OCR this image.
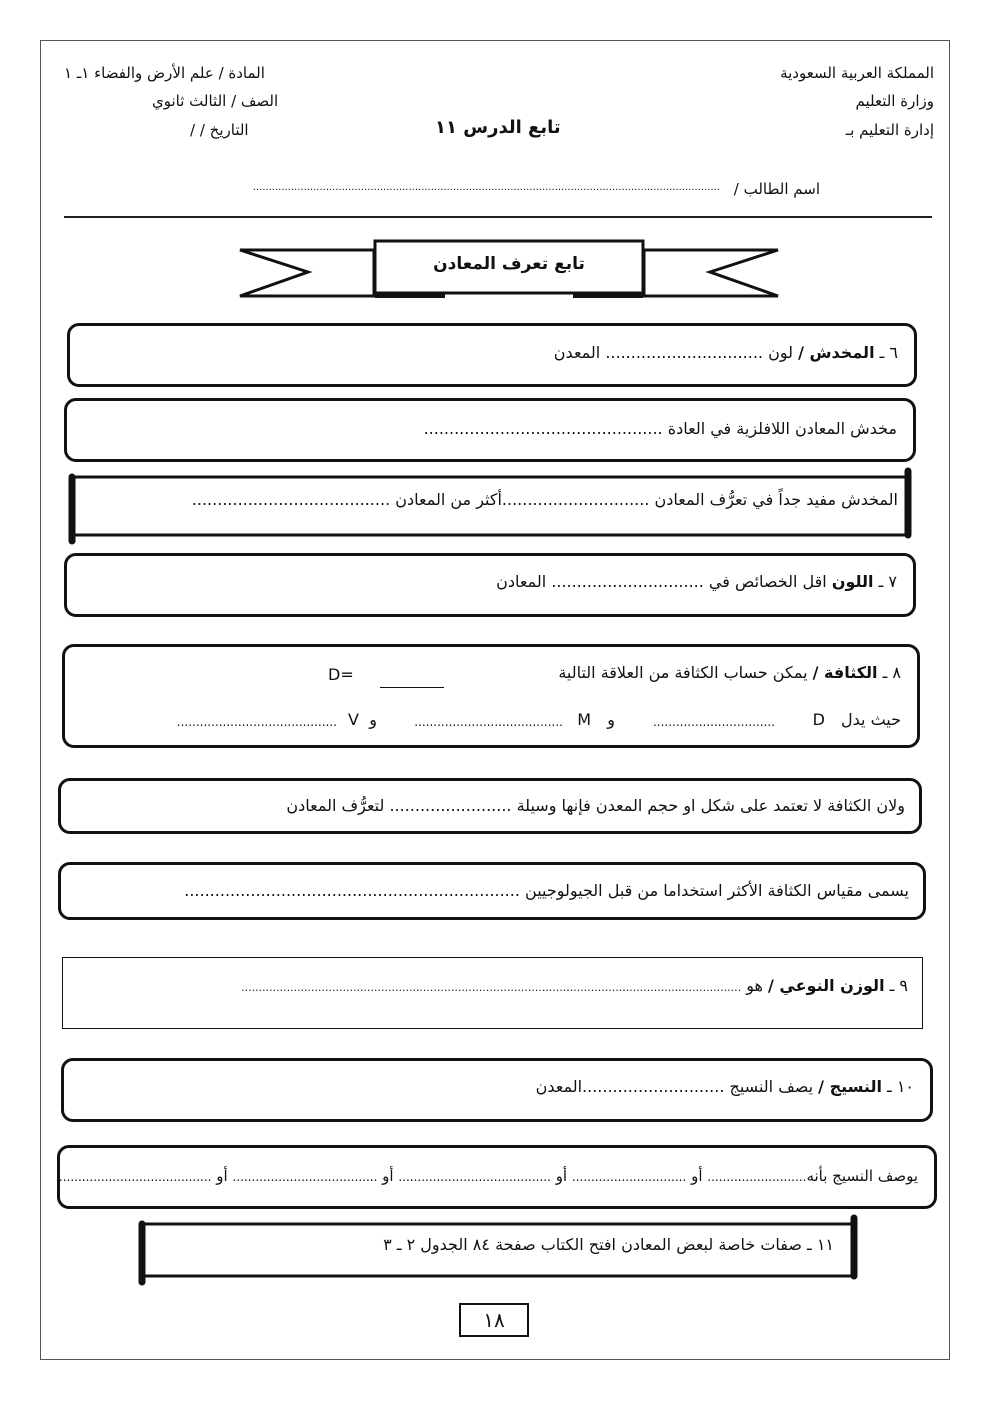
المملكة العربية السعودية
وزارة التعليم
إدارة التعليم بـ
المادة / علم الأرض والفضاء ١ـ ١
الصف / الثالث ثانوي
التاريخ / /	تابع الدرس ١١
اسم الطالب /
...................................................................................................................................................
تابع تعرف المعادن
٦ ـ المخدش / لون ............................... المعدن
مخدش المعادن اللافلزية في العادة ...............................................
المخدش مفيد جداً في تعرُّف المعادن .............................أكثر من المعادن .......................................
٧ ـ اللون اقل الخصائص في .............................. المعادن
٨ ـ الكثافة / يمكن حساب الكثافة من العلاقة التالية
D=
حيث يدل
D
................................
و
M
.......................................
و
V
..........................................
ولان الكثافة لا تعتمد على شكل او حجم المعدن فإنها وسيلة ........................ لتعرُّف المعادن
يسمى مقياس الكثافة الأكثر استخداما من قبل الجيولوجيين ..................................................................
٩ ـ الوزن النوعي / هو ...............................................................................................................................................
١٠ ـ النسيج / يصف النسيج ............................المعدن
يوصف النسيج بأنه.......................... أو .............................. أو ........................................ أو ...................................... أو ........................................
١١ ـ صفات خاصة لبعض المعادن افتح الكتاب صفحة ٨٤ الجدول ٢ ـ ٣
١٨
